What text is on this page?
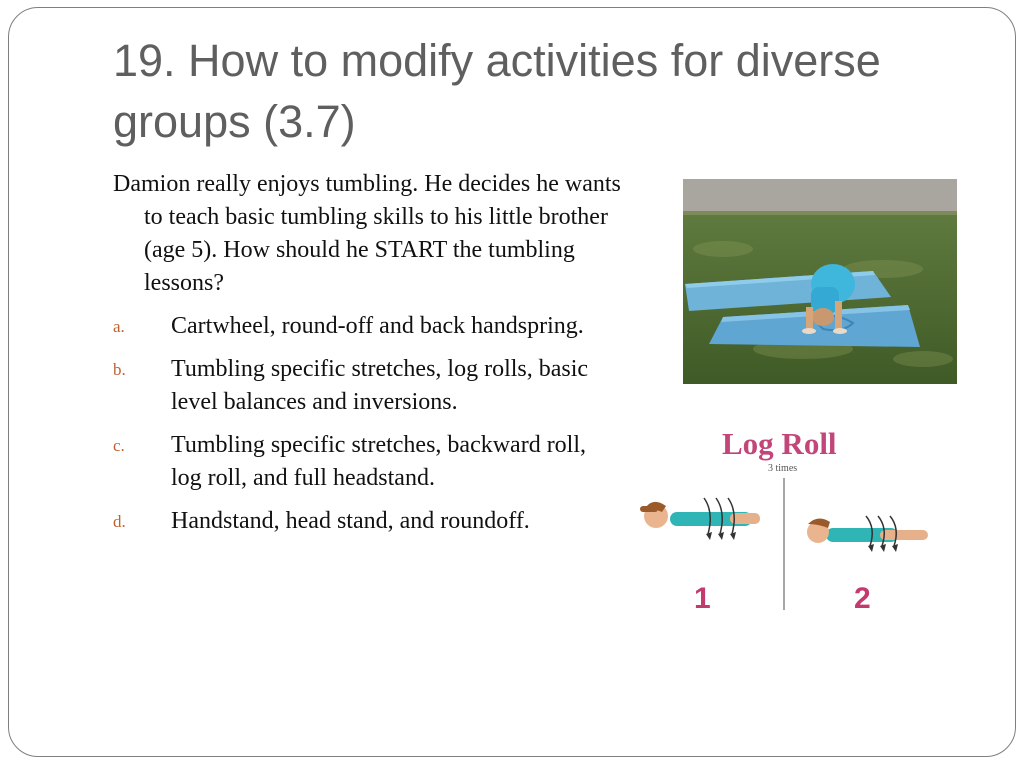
19. How to modify activities for diverse groups (3.7)

Damion really enjoys tumbling. He decides he wants to teach basic tumbling skills to his little brother (age 5). How should he START the tumbling lessons?

a. Cartwheel, round-off and back handspring.
b. Tumbling specific stretches, log rolls, basic level balances and inversions.
c. Tumbling specific stretches, backward roll, log roll, and full headstand.
d. Handstand, head stand, and roundoff.
Log Roll
3 times
1	2
